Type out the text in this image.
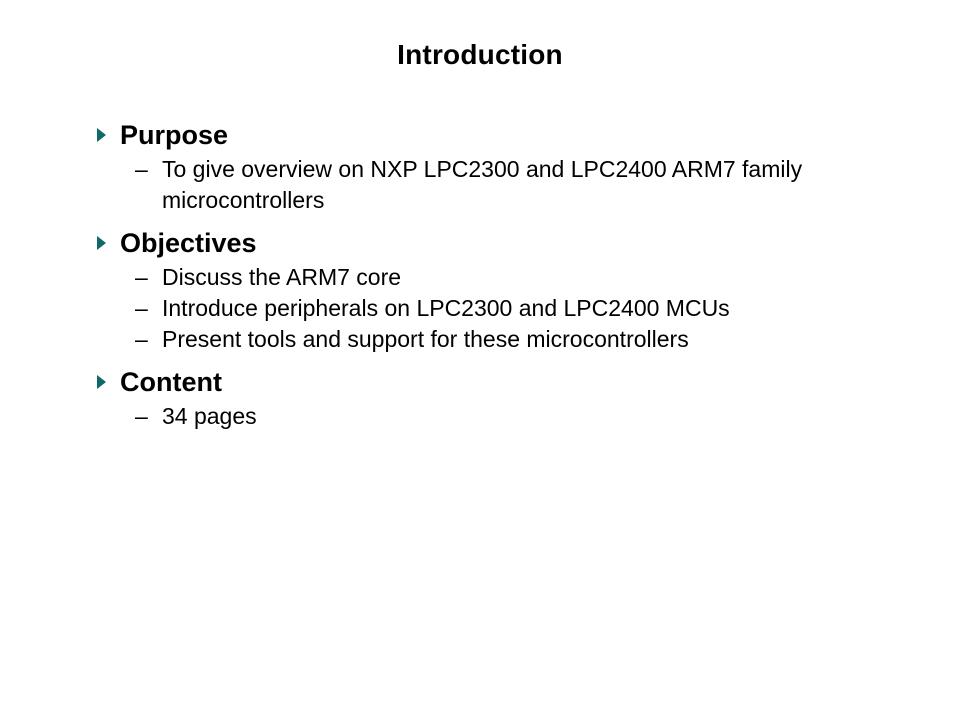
Introduction
Purpose
– To give overview on NXP LPC2300 and LPC2400 ARM7 family microcontrollers
Objectives
– Discuss the ARM7 core
– Introduce peripherals on LPC2300 and LPC2400 MCUs
– Present tools and support for these microcontrollers
Content
– 34 pages
